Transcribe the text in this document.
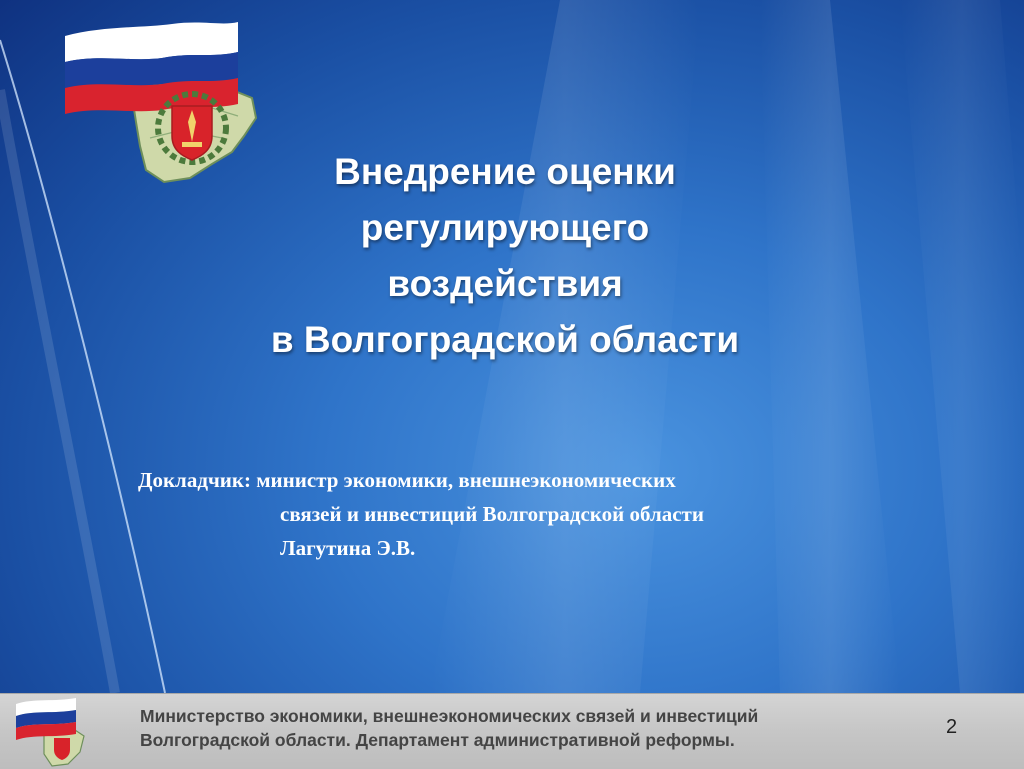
Внедрение оценки
регулирующего
воздействия
в Волгоградской области
Докладчик: министр экономики, внешнеэкономических
связей и инвестиций Волгоградской области
Лагутина Э.В.
Министерство экономики, внешнеэкономических связей и инвестиций
Волгоградской области. Департамент административной реформы.
2
